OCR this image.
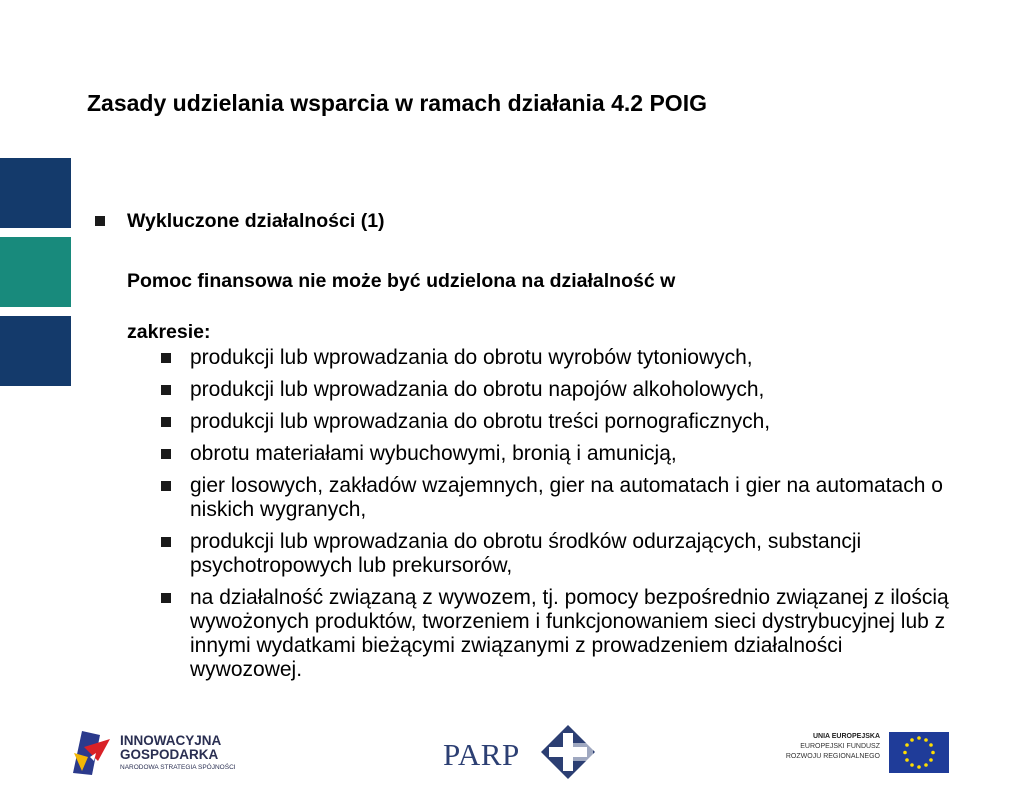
Zasady udzielania wsparcia w ramach działania 4.2 POIG
Wykluczone działalności (1)
Pomoc finansowa nie może być udzielona na działalność w
zakresie:
produkcji lub wprowadzania do obrotu wyrobów tytoniowych,
produkcji lub wprowadzania do obrotu napojów alkoholowych,
produkcji lub wprowadzania do obrotu treści pornograficznych,
obrotu materiałami wybuchowymi, bronią i amunicją,
gier losowych, zakładów wzajemnych, gier na automatach i gier na automatach o niskich wygranych,
produkcji lub wprowadzania do obrotu środków odurzających, substancji psychotropowych lub prekursorów,
na działalność związaną z wywozem, tj. pomocy bezpośrednio związanej z ilością wywożonych produktów, tworzeniem i funkcjonowaniem sieci dystrybucyjnej lub z innymi wydatkami bieżącymi związanymi z prowadzeniem działalności wywozowej.
INNOWACYJNA
GOSPODARKA
NARODOWA STRATEGIA SPÓJNOŚCI	PARP
UNIA EUROPEJSKA
EUROPEJSKI FUNDUSZ
ROZWOJU REGIONALNEGO
